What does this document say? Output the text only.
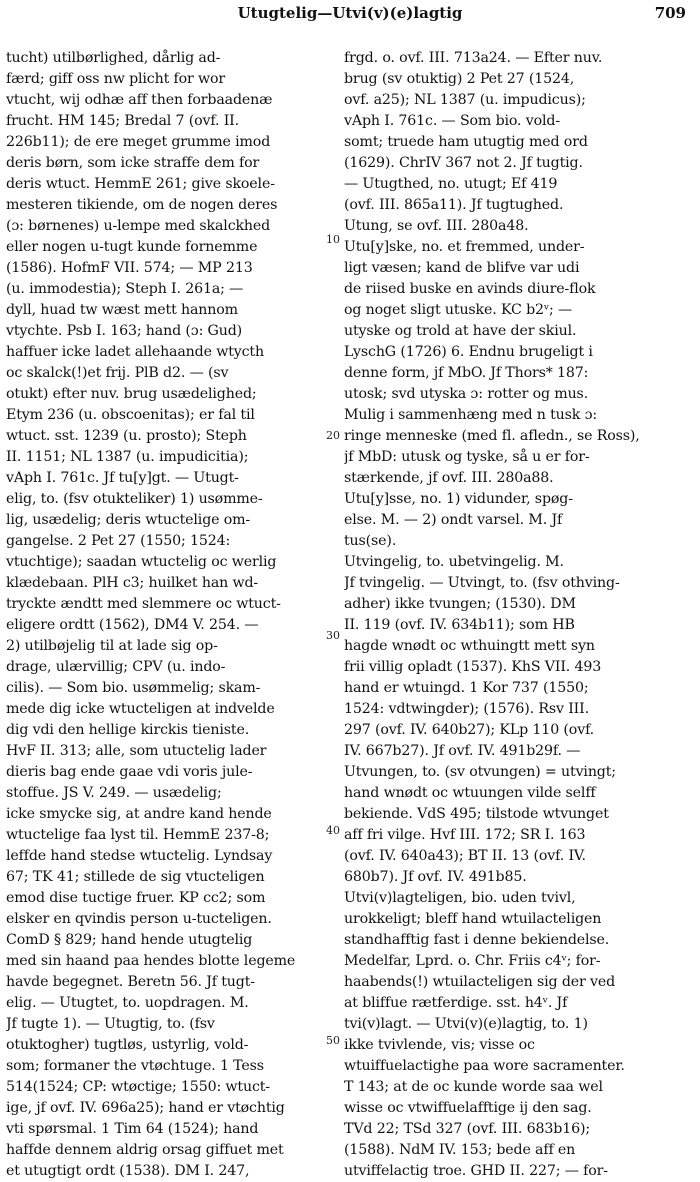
Utugtelig—Utvi(v)(e)lagtig	709
tucht) utilbørlighed, dårlig ad-
færd; giff oss nw plicht for wor
vtucht, wij odhæ aff then forbaadenæ
frucht. HM 145; Bredal 7 (ovf. II.
226b11); de ere meget grumme imod
deris børn, som icke straffe dem for
deris wtuct. HemmE 261; give skoele-
mesteren tikiende, om de nogen deres
(ɔ: børnenes) u-lempe med skalckhed
eller nogen u-tugt kunde fornemme
(1586). HofmF VII. 574; — MP 213
(u. immodestia); Steph I. 261a; —
dyll, huad tw wæst mett hannom
vtychte. Psb I. 163; hand (ɔ: Gud)
haffuer icke ladet allehaande wtycth
oc skalck(!)et frij. PlB d2. — (sv
otukt) efter nuv. brug usædelighed;
Etym 236 (u. obscoenitas); er fal til
wtuct. sst. 1239 (u. prosto); Steph
II. 1151; NL 1387 (u. impudicitia);
vAph I. 761c. Jf tu[y]gt. — Utugt-
elig, to. (fsv otukteliker) 1) usømme-
lig, usædelig; deris wtuctelige om-
gangelse. 2 Pet 27 (1550; 1524:
vtuchtige); saadan wtuctelig oc werlig
klædebaan. PlH c3; huilket han wd-
tryckte ændtt med slemmere oc wtuct-
eligere ordtt (1562), DM4 V. 254. —
2) utilbøjelig til at lade sig op-
drage, ulærvillig; CPV (u. indo-
cilis). — Som bio. usømmelig; skam-
mede dig icke wtucteligen at indvelde
dig vdi den hellige kirckis tieniste.
HvF II. 313; alle, som utuctelig lader
dieris bag ende gaae vdi voris jule-
stoffue. JS V. 249. — usædelig;
icke smycke sig, at andre kand hende
wtuctelige faa lyst til. HemmE 237-8;
leffde hand stedse wtuctelig. Lyndsay
67; TK 41; stillede de sig vtucteligen
emod dise tuctige fruer. KP cc2; som
elsker en qvindis person u-tucteligen.
ComD § 829; hand hende utugtelig
med sin haand paa hendes blotte legeme
havde begegnet. Beretn 56. Jf tugt-
elig. — Utugtet, to. uopdragen. M.
Jf tugte 1). — Utugtig, to. (fsv
otuktogher) tugtløs, ustyrlig, vold-
som; formaner the vtøchtuge. 1 Tess
514(1524; CP: wtøctige; 1550: wtuct-
ige, jf ovf. IV. 696a25); hand er vtøchtig
vti spørsmal. 1 Tim 64 (1524); hand
haffde dennem aldrig orsag giffuet met
et utugtigt ordt (1538). DM I. 247,
10
20
30
40
50
frgd. o. ovf. III. 713a24. — Efter nuv.
brug (sv otuktig) 2 Pet 27 (1524,
ovf. a25); NL 1387 (u. impudicus);
vAph I. 761c. — Som bio. vold-
somt; truede ham utugtig med ord
(1629). ChrIV 367 not 2. Jf tugtig.
— Utugthed, no. utugt; Ef 419
(ovf. III. 865a11). Jf tugtughed.
Utung, se ovf. III. 280a48.
Utu[y]ske, no. et fremmed, under-
ligt væsen; kand de blifve var udi
de riised buske en avinds diure-flok
og noget sligt utuske. KC b2ᵛ; —
utyske og trold at have der skiul.
LyschG (1726) 6. Endnu brugeligt i
denne form, jf MbO. Jf Thors* 187:
utosk; svd utyska ɔ: rotter og mus.
Mulig i sammenhæng med n tusk ɔ:
ringe menneske (med fl. afledn., se Ross),
jf MbD: utusk og tyske, så u er for-
stærkende, jf ovf. III. 280a88.
Utu[y]sse, no. 1) vidunder, spøg-
else. M. — 2) ondt varsel. M. Jf
tus(se).
Utvingelig, to. ubetvingelig. M.
Jf tvingelig. — Utvingt, to. (fsv othving-
adher) ikke tvungen; (1530). DM
II. 119 (ovf. IV. 634b11); som HB
hagde wnødt oc wthuingtt mett syn
frii villig opladt (1537). KhS VII. 493
hand er wtuingd. 1 Kor 737 (1550;
1524: vdtwingder); (1576). Rsv III.
297 (ovf. IV. 640b27); KLp 110 (ovf.
IV. 667b27). Jf ovf. IV. 491b29f. —
Utvungen, to. (sv otvungen) = utvingt;
hand wnødt oc wtuungen vilde selff
bekiende. VdS 495; tilstode wtvunget
aff fri vilge. Hvf III. 172; SR I. 163
(ovf. IV. 640a43); BT II. 13 (ovf. IV.
680b7). Jf ovf. IV. 491b85.
Utvi(v)lagteligen, bio. uden tvivl,
urokkeligt; bleff hand wtuilacteligen
standhafftig fast i denne bekiendelse.
Medelfar, Lprd. o. Chr. Friis c4ᵛ; for-
haabends(!) wtuilacteligen sig der ved
at bliffue rætferdige. sst. h4ᵛ. Jf
tvi(v)lagt. — Utvi(v)(e)lagtig, to. 1)
ikke tvivlende, vis; visse oc
wtuiffuelactighe paa wore sacramenter.
T 143; at de oc kunde worde saa wel
wisse oc vtwiffuelafftige ij den sag.
TVd 22; TSd 327 (ovf. III. 683b16);
(1588). NdM IV. 153; bede aff en
utviffelactig troe. GHD II. 227; — for-
